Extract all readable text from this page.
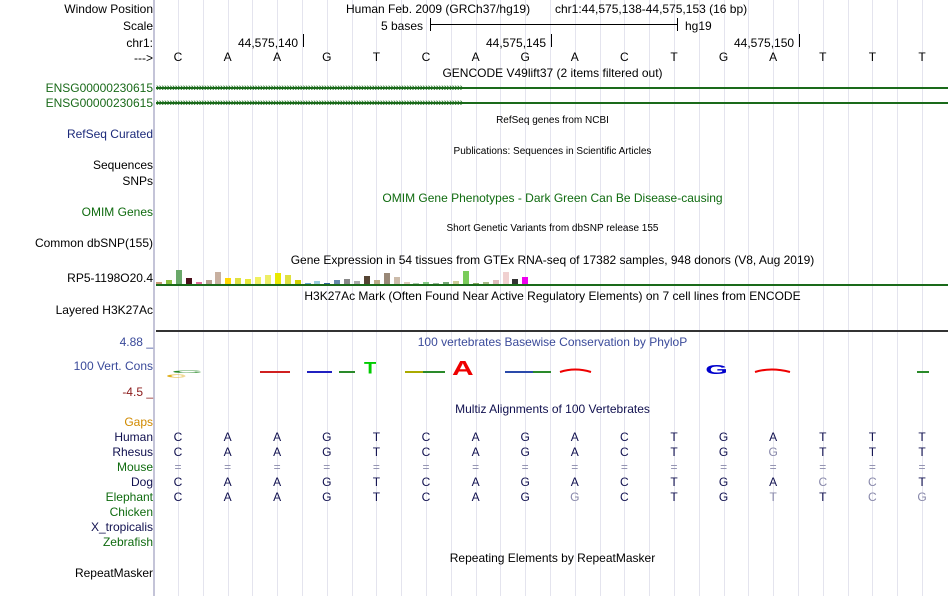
Window Position	Human Feb. 2009 (GRCh37/hg19) chr1:44,575,138-44,575,153 (16 bp)
Scale	5 bases	hg19
chr1:	44,575,140	44,575,145	44,575,150
--->	C	A	A	G	T	C	A	G	A	C	T	G	A	T	T	T
GENCODE V49lift37 (2 items filtered out)
ENSG00000230615 ›››››››››››››››››››››››››››››››››››››››››››››››››››››››››››››››››››››››››››››››››››››››››››››››››››››››››››››››››››
ENSG00000230615 ›››››››››››››››››››››››››››››››››››››››››››››››››››››››››››››››››››››››››››››››››››››››››››››››››››››››››››››››››››
RefSeq genes from NCBI
RefSeq Curated
Publications: Sequences in Scientific Articles
Sequences
SNPs
OMIM Gene Phenotypes - Dark Green Can Be Disease-causing
OMIM Genes
Short Genetic Variants from dbSNP release 155
Common dbSNP(155)
Gene Expression in 54 tissues from GTEx RNA-seq of 17382 samples, 948 donors (V8, Aug 2019)
RP5-1198O20.4
H3K27Ac Mark (Often Found Near Active Regulatory Elements) on 7 cell lines from ENCODE
Layered H3K27Ac
100 vertebrates Basewise Conservation by PhyloP
4.88 _
100 Vert. Cons
-4.5 _
C
C	T	A	G
Multiz Alignments of 100 Vertebrates
Gaps
Human	C	A	A	G	T	C	A	G	A	C	T	G	A	T	T	T
Rhesus	C	A	A	G	T	C	A	G	A	C	T	G	G	T	T	T
Mouse	=	=	=	=	=	=	=	=	=	=	=	=	=	=	=	=
Dog	C	A	A	G	T	C	A	G	A	C	T	G	A	C	C	T
Elephant	C	A	A	G	T	C	A	G	G	C	T	G	T	T	C	G
Chicken
X_tropicalis
Zebrafish
Repeating Elements by RepeatMasker
RepeatMasker
